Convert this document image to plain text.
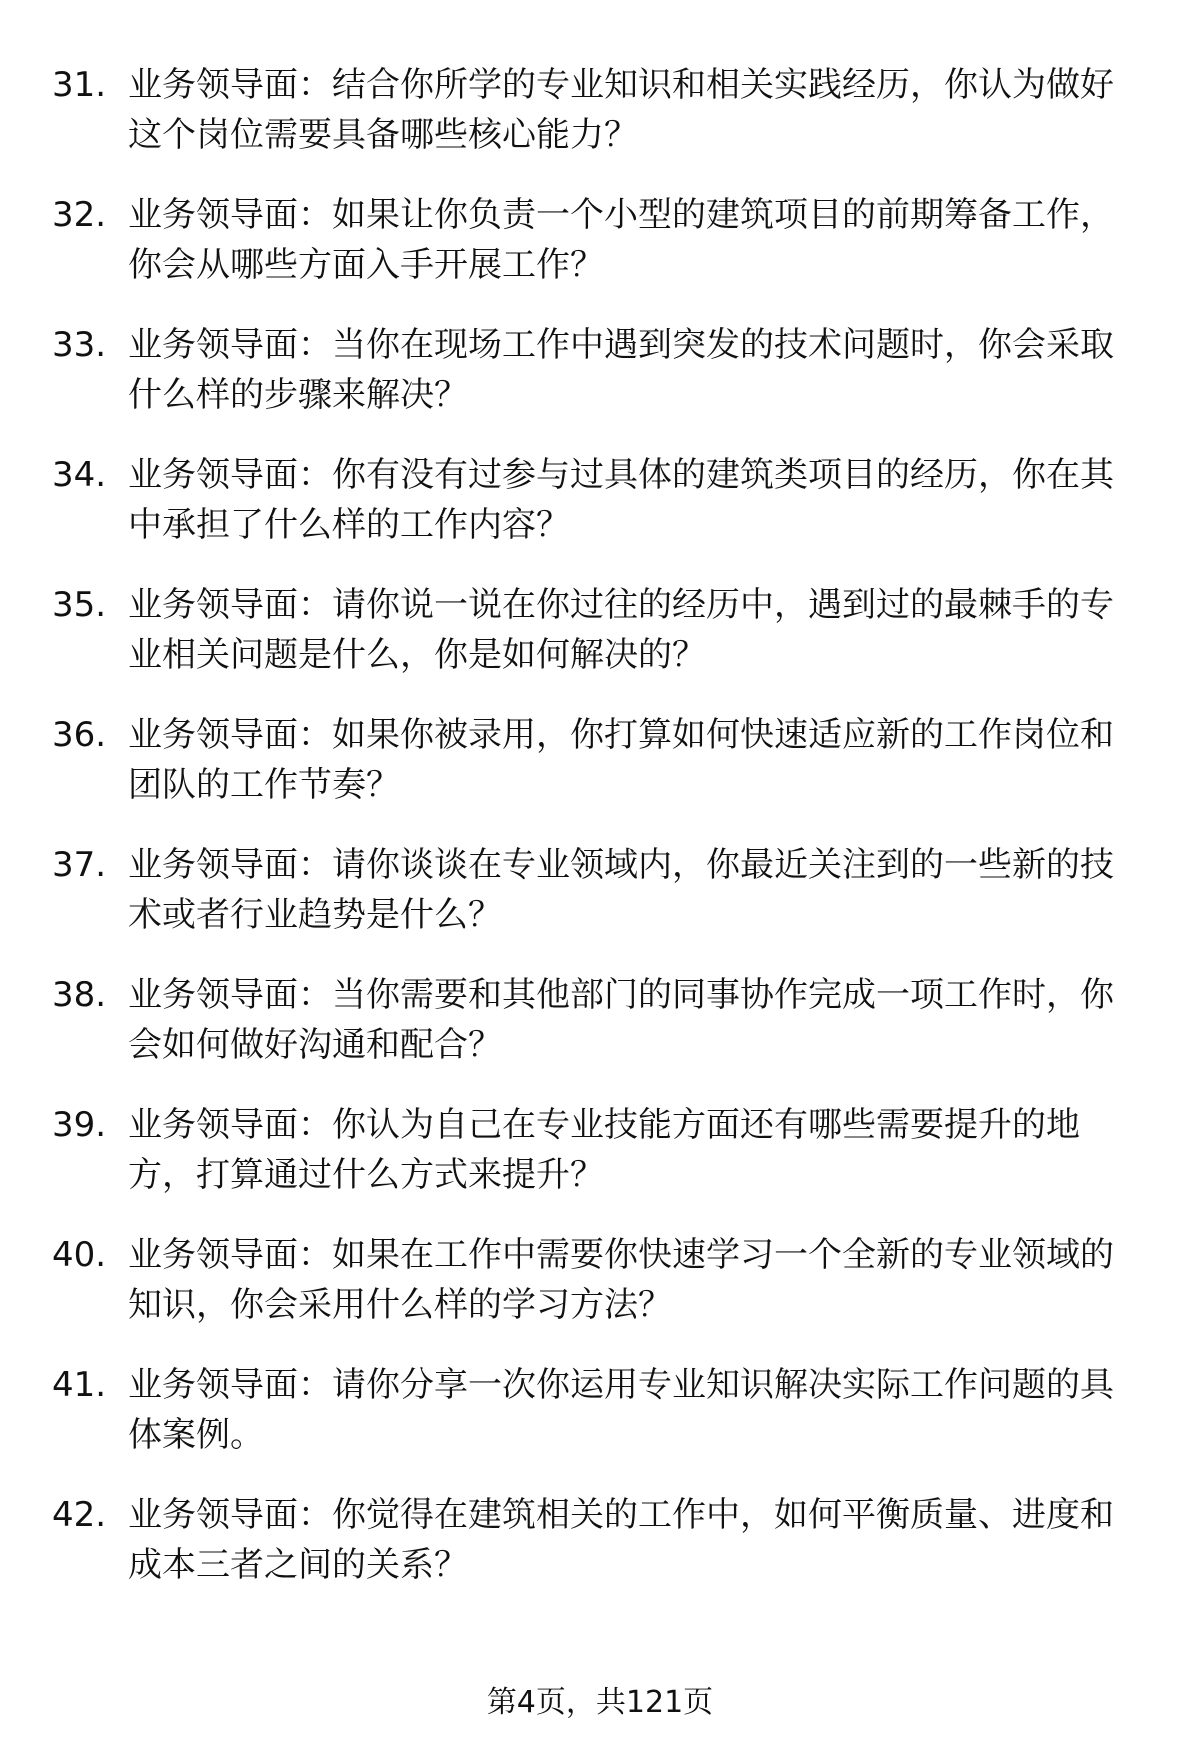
31. 业务领导面：结合你所学的专业知识和相关实践经历，你认为做好这个岗位需要具备哪些核心能力？
32. 业务领导面：如果让你负责一个小型的建筑项目的前期筹备工作，你会从哪些方面入手开展工作？
33. 业务领导面：当你在现场工作中遇到突发的技术问题时，你会采取什么样的步骤来解决？
34. 业务领导面：你有没有过参与过具体的建筑类项目的经历，你在其中承担了什么样的工作内容？
35. 业务领导面：请你说一说在你过往的经历中，遇到过的最棘手的专业相关问题是什么，你是如何解决的？
36. 业务领导面：如果你被录用，你打算如何快速适应新的工作岗位和团队的工作节奏？
37. 业务领导面：请你谈谈在专业领域内，你最近关注到的一些新的技术或者行业趋势是什么？
38. 业务领导面：当你需要和其他部门的同事协作完成一项工作时，你会如何做好沟通和配合？
39. 业务领导面：你认为自己在专业技能方面还有哪些需要提升的地方，打算通过什么方式来提升？
40. 业务领导面：如果在工作中需要你快速学习一个全新的专业领域的知识，你会采用什么样的学习方法？
41. 业务领导面：请你分享一次你运用专业知识解决实际工作问题的具体案例。
42. 业务领导面：你觉得在建筑相关的工作中，如何平衡质量、进度和成本三者之间的关系？
第4页，共121页
